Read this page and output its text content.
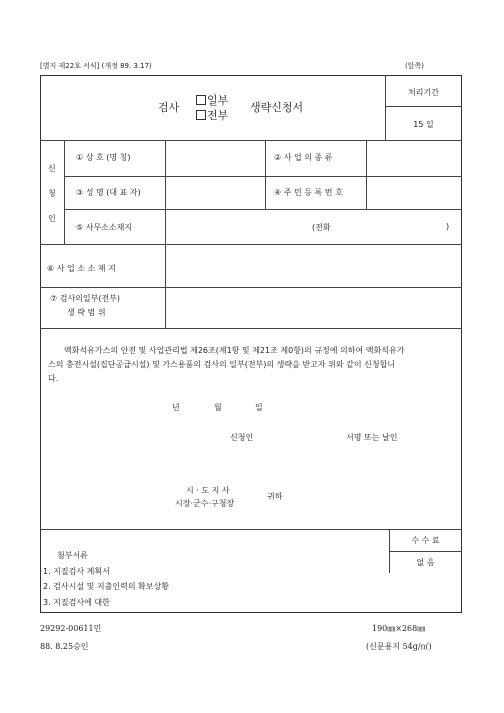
[별지 제22호 서식] (개정 89. 3.17)	(앞쪽)
검사
일부
전부
생략신청서
처리기간
15 일
신
청
인
① 상 호 (명 칭)	② 사 업 의 종 류
③ 성 명 (대 표 자)	④ 주 민 등 록 번 호
⑤ 사무소소재지	(전화	)
⑥ 사 업 소 소 재 지
⑦ 검사의일부(전부)
생 략 범 위
액화석유가스의 안전 및 사업관리법 제26조(제1항 및 제21조 제0항)의 규정에 의하여 액화석유가
스의 충전시설(집단공급시설) 및 가스용품의 검사의 일부(전부)의 생략을 받고자 위와 같이 신청합니
다.
년	월	일
신청인	서명 또는 날인
시 · 도 지 사
시장·군수·구청장
귀하
수 수 료
없 음
첨부서류
1. 지질검사 계획서
2. 검사시설 및 지출인력의 확보상황
3. 지질검사에 대한
29292-00611민
88. 8.25승인
190㎜×268㎜
(신문용지 54g/㎡)
